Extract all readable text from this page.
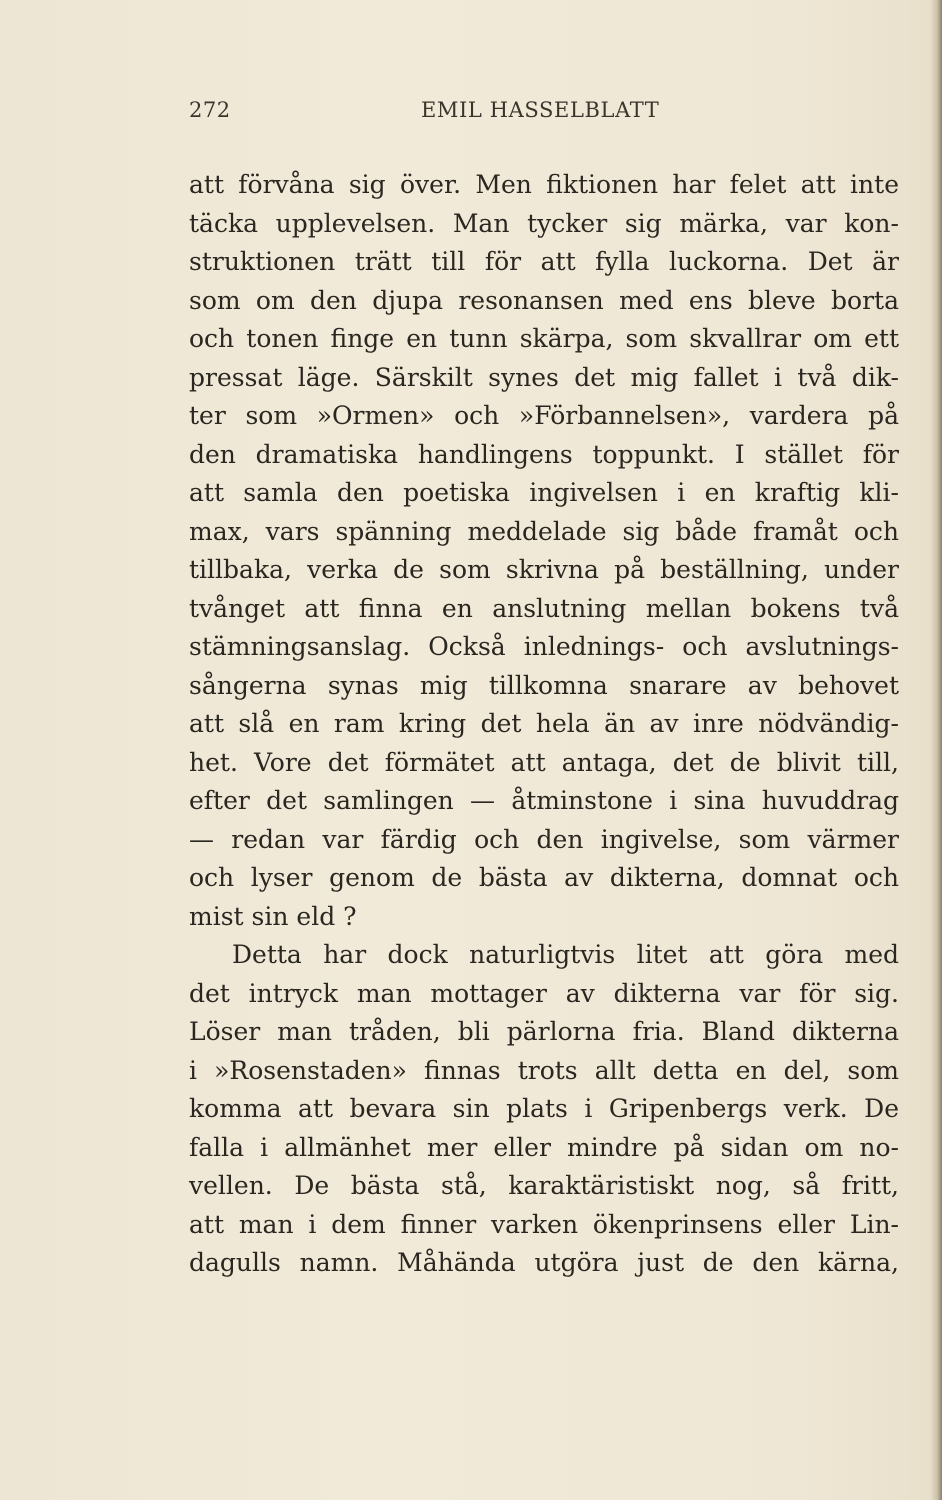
272	EMIL HASSELBLATT
att förvåna sig över. Men fiktionen har felet att inte
täcka upplevelsen. Man tycker sig märka, var kon-
struktionen trätt till för att fylla luckorna. Det är
som om den djupa resonansen med ens bleve borta
och tonen finge en tunn skärpa, som skvallrar om ett
pressat läge. Särskilt synes det mig fallet i två dik-
ter som »Ormen» och »Förbannelsen», vardera på
den dramatiska handlingens toppunkt. I stället för
att samla den poetiska ingivelsen i en kraftig kli-
max, vars spänning meddelade sig både framåt och
tillbaka, verka de som skrivna på beställning, under
tvånget att finna en anslutning mellan bokens två
stämningsanslag. Också inlednings- och avslutnings-
sångerna synas mig tillkomna snarare av behovet
att slå en ram kring det hela än av inre nödvändig-
het. Vore det förmätet att antaga, det de blivit till,
efter det samlingen — åtminstone i sina huvuddrag
— redan var färdig och den ingivelse, som värmer
och lyser genom de bästa av dikterna, domnat och
mist sin eld ?
Detta har dock naturligtvis litet att göra med
det intryck man mottager av dikterna var för sig.
Löser man tråden, bli pärlorna fria. Bland dikterna
i »Rosenstaden» finnas trots allt detta en del, som
komma att bevara sin plats i Gripenbergs verk. De
falla i allmänhet mer eller mindre på sidan om no-
vellen. De bästa stå, karaktäristiskt nog, så fritt,
att man i dem finner varken ökenprinsens eller Lin-
dagulls namn. Måhända utgöra just de den kärna,
